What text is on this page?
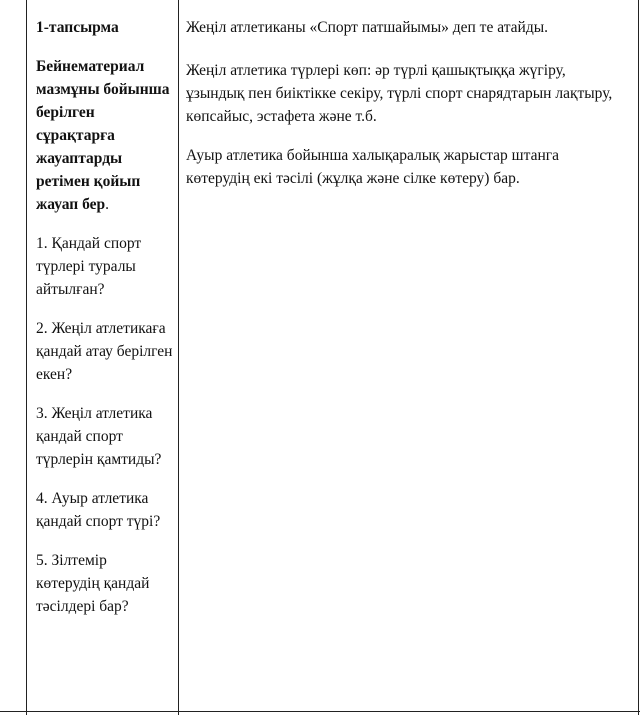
1-тапсырма

Бейнематериал мазмұны бойынша берілген сұрақтарға жауаптарды ретімен қойып жауап бер.

1. Қандай спорт түрлері туралы айтылған?

2. Жеңіл атлетикаға қандай атау берілген екен?

3. Жеңіл атлетика қандай спорт түрлерін қамтиды?

4. Ауыр атлетика қандай спорт түрі?

5. Зілтемір көтерудің қандай тәсілдері бар?

Жеңіл атлетиканы «Спорт патшайымы» деп те атайды.

Жеңіл атлетика түрлері көп: әр түрлі қашықтыққа жүгіру, ұзындық пен биіктікке секіру, түрлі спорт снарядтарын лақтыру, көпсайыс, эстафета және т.б.

Ауыр атлетика бойынша халықаралық жарыстар штанга көтерудің екі тәсілі (жұлқа және сілке көтеру) бар.
